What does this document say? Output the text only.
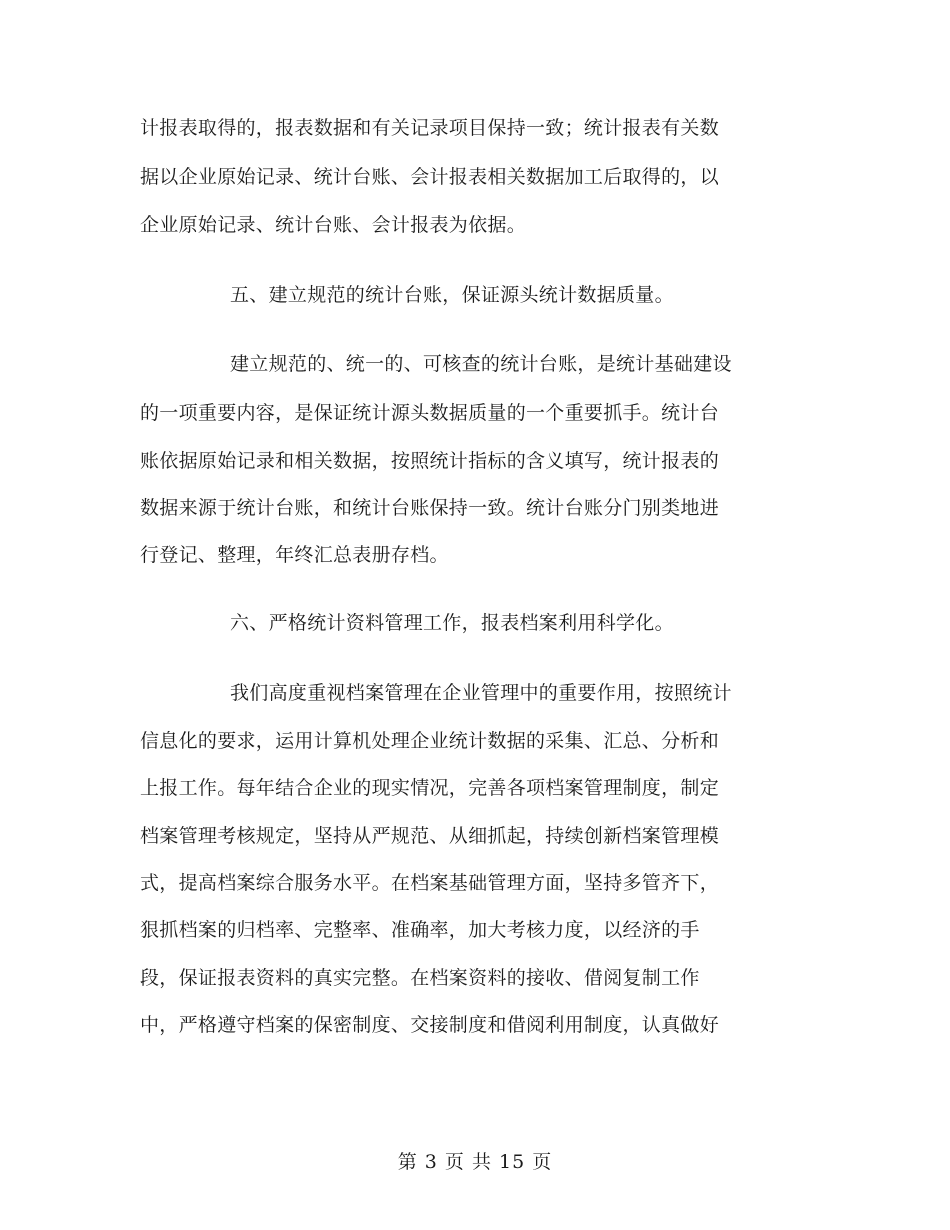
计报表取得的，报表数据和有关记录项目保持一致；统计报表有关数
据以企业原始记录、统计台账、会计报表相关数据加工后取得的，以
企业原始记录、统计台账、会计报表为依据。
五、建立规范的统计台账，保证源头统计数据质量。
建立规范的、统一的、可核查的统计台账，是统计基础建设
的一项重要内容，是保证统计源头数据质量的一个重要抓手。统计台
账依据原始记录和相关数据，按照统计指标的含义填写，统计报表的
数据来源于统计台账，和统计台账保持一致。统计台账分门别类地进
行登记、整理，年终汇总表册存档。
六、严格统计资料管理工作，报表档案利用科学化。
我们高度重视档案管理在企业管理中的重要作用，按照统计
信息化的要求，运用计算机处理企业统计数据的采集、汇总、分析和
上报工作。每年结合企业的现实情况，完善各项档案管理制度，制定
档案管理考核规定，坚持从严规范、从细抓起，持续创新档案管理模
式，提高档案综合服务水平。在档案基础管理方面，坚持多管齐下，
狠抓档案的归档率、完整率、准确率，加大考核力度，以经济的手
段，保证报表资料的真实完整。在档案资料的接收、借阅复制工作
中，严格遵守档案的保密制度、交接制度和借阅利用制度，认真做好
第 3 页 共 15 页
